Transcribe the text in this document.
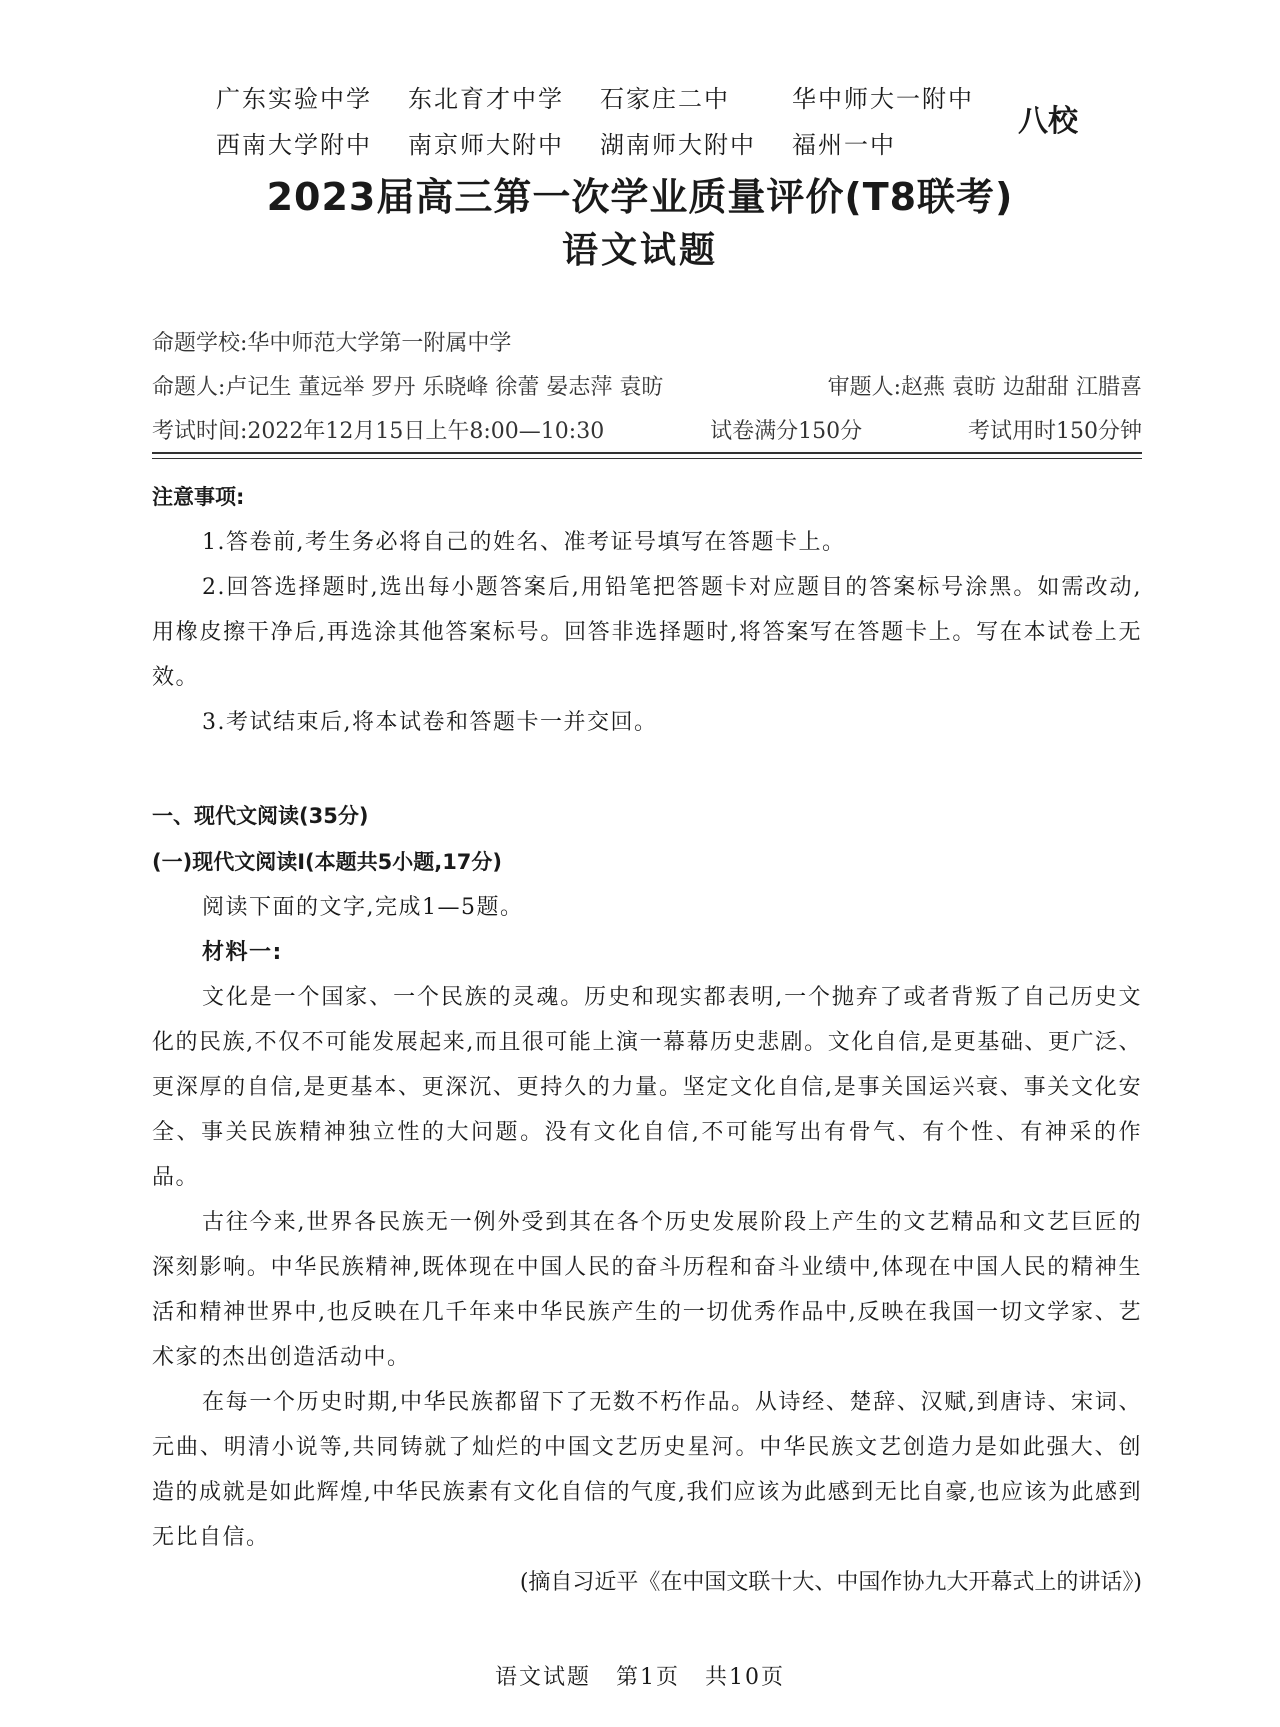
广东实验中学	东北育才中学	石家庄二中	华中师大一附中
西南大学附中	南京师大附中	湖南师大附中	福州一中
八校
2023届高三第一次学业质量评价(T8联考)
语文试题
命题学校:华中师范大学第一附属中学
命题人:卢记生 董远举 罗丹 乐晓峰 徐蕾 晏志萍 袁昉	审题人:赵燕 袁昉 边甜甜 江腊喜
考试时间:2022年12月15日上午8:00—10:30	试卷满分150分	考试用时150分钟
注意事项:
1.答卷前,考生务必将自己的姓名、准考证号填写在答题卡上。
2.回答选择题时,选出每小题答案后,用铅笔把答题卡对应题目的答案标号涂黑。如需改动,用橡皮擦干净后,再选涂其他答案标号。回答非选择题时,将答案写在答题卡上。写在本试卷上无效。
3.考试结束后,将本试卷和答题卡一并交回。
一、现代文阅读(35分)
(一)现代文阅读Ⅰ(本题共5小题,17分)
阅读下面的文字,完成1—5题。
材料一:
文化是一个国家、一个民族的灵魂。历史和现实都表明,一个抛弃了或者背叛了自己历史文化的民族,不仅不可能发展起来,而且很可能上演一幕幕历史悲剧。文化自信,是更基础、更广泛、更深厚的自信,是更基本、更深沉、更持久的力量。坚定文化自信,是事关国运兴衰、事关文化安全、事关民族精神独立性的大问题。没有文化自信,不可能写出有骨气、有个性、有神采的作品。
古往今来,世界各民族无一例外受到其在各个历史发展阶段上产生的文艺精品和文艺巨匠的深刻影响。中华民族精神,既体现在中国人民的奋斗历程和奋斗业绩中,体现在中国人民的精神生活和精神世界中,也反映在几千年来中华民族产生的一切优秀作品中,反映在我国一切文学家、艺术家的杰出创造活动中。
在每一个历史时期,中华民族都留下了无数不朽作品。从诗经、楚辞、汉赋,到唐诗、宋词、元曲、明清小说等,共同铸就了灿烂的中国文艺历史星河。中华民族文艺创造力是如此强大、创造的成就是如此辉煌,中华民族素有文化自信的气度,我们应该为此感到无比自豪,也应该为此感到无比自信。
(摘自习近平《在中国文联十大、中国作协九大开幕式上的讲话》)
语文试题 第1页 共10页
